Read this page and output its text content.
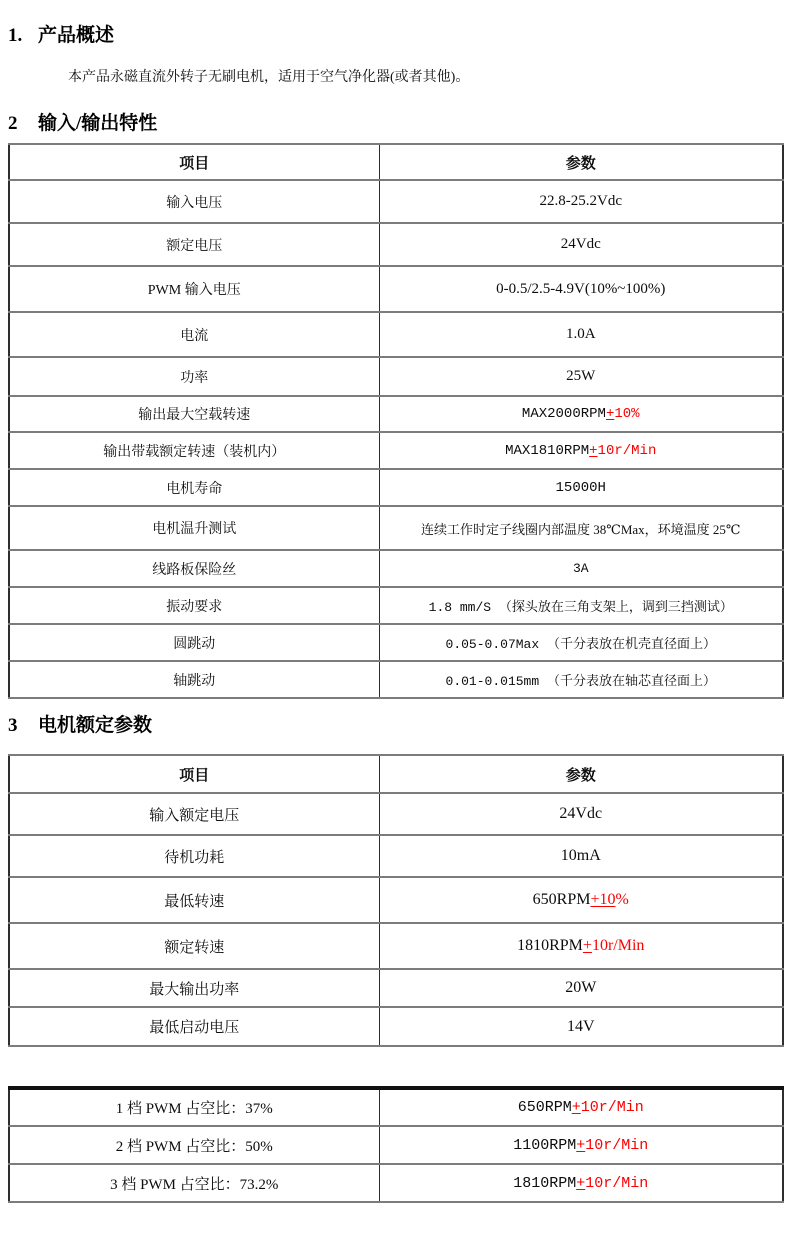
1. 产品概述

本产品永磁直流外转子无刷电机，适用于空气净化器(或者其他)。

2	输入/输出特性
项目	参数
输入电压	22.8-25.2Vdc
额定电压	24Vdc
PWM 输入电压	0-0.5/2.5-4.9V(10%~100%)
电流	1.0A
功率	25W
输出最大空载转速	MAX2000RPM+10%
输出带载额定转速（装机内）	MAX1810RPM+10r/Min
电机寿命	15000H
电机温升测试	连续工作时定子线圈内部温度 38℃Max，环境温度 25℃
线路板保险丝	3A
振动要求	1.8 mm/S （探头放在三角支架上，调到三挡测试）
圆跳动	0.05-0.07Max （千分表放在机壳直径面上）
轴跳动	0.01-0.015mm （千分表放在轴芯直径面上）
3	电机额定参数
项目	参数
输入额定电压	24Vdc
待机功耗	10mA
最低转速	650RPM+10%
额定转速	1810RPM+10r/Min
最大输出功率	20W
最低启动电压	14V
1 档 PWM 占空比：37%	650RPM+10r/Min
2 档 PWM 占空比：50%	1100RPM+10r/Min
3 档 PWM 占空比：73.2%	1810RPM+10r/Min
